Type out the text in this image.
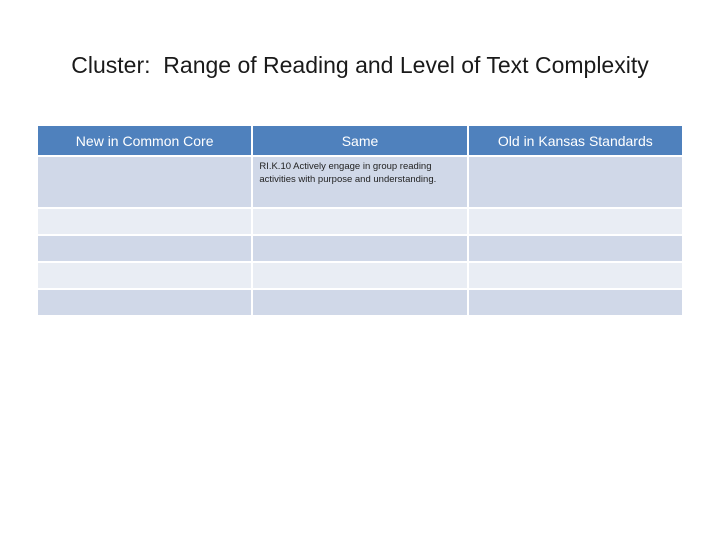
Cluster:  Range of Reading and Level of Text Complexity
New in Common Core	Same	Old in Kansas Standards

	RI.K.10 Actively engage in group reading activities with purpose and understanding.	
